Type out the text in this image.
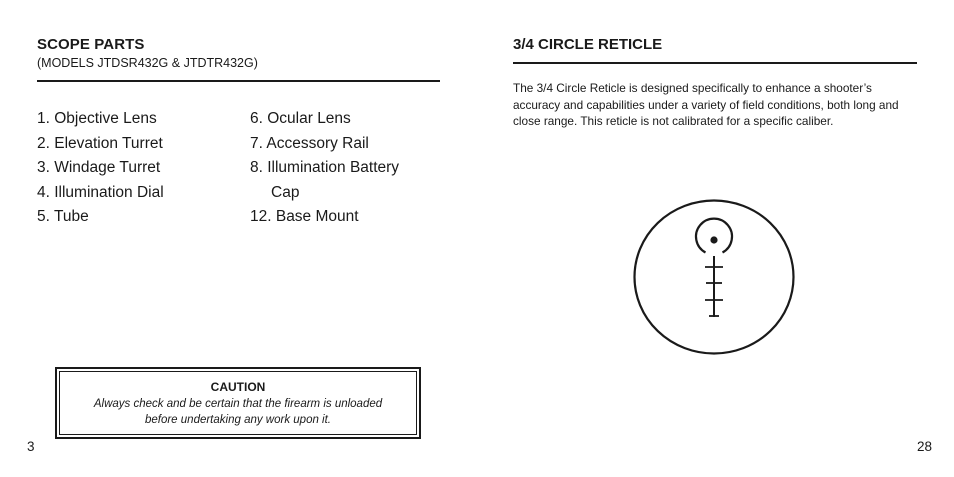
SCOPE PARTS
(MODELS JTDSR432G & JTDTR432G)
1. Objective Lens
2. Elevation Turret
3. Windage Turret
4. Illumination Dial
5. Tube
6. Ocular Lens
7. Accessory Rail
8. Illumination Battery
Cap
12. Base Mount
CAUTION
Always check and be certain that the firearm is unloaded before undertaking any work upon it.
3
3/4 CIRCLE RETICLE

The 3/4 Circle Reticle is designed specifically to enhance a shooter’s accuracy and capabilities under a variety of field conditions, both long and close range. This reticle is not calibrated for a specific caliber.

28
